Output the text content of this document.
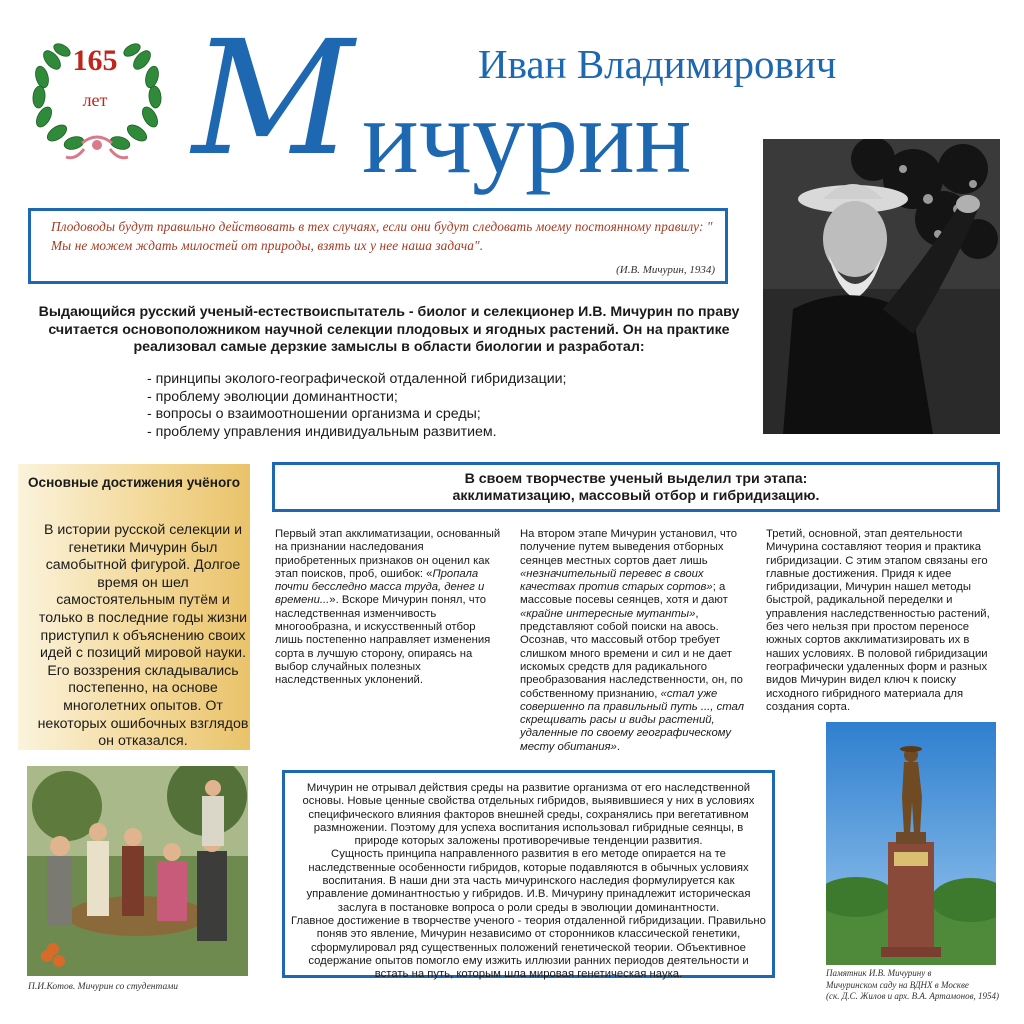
165
лет
Иван Владимирович
М ичурин
Плодоводы будут правильно действовать в тех случаях, если они будут следовать моему постоянному правилу: " Мы не можем ждать милостей от природы, взять их у нее наша задача".
(И.В. Мичурин, 1934)
Выдающийся русский ученый-естествоиспытатель - биолог и селекционер И.В. Мичурин по праву считается основоположником научной селекции плодовых и ягодных растений. Он на практике реализовал самые дерзкие замыслы в области биологии и разработал:
- принципы эколого-географической отдаленной гибридизации;
- проблему эволюции доминантности;
- вопросы о взаимоотношении организма и среды;
- проблему управления индивидуальным развитием.
Основные достижения учёного
В истории русской селекции и генетики Мичурин был самобытной фигурой. Долгое время он шел самостоятельным путём и только в последние годы жизни приступил к объяснению своих идей с позиций мировой науки. Его воззрения складывались постепенно, на основе многолетних опытов. От некоторых ошибочных взглядов он отказался.
В своем творчестве ученый выделил три этапа:
акклиматизацию, массовый отбор и гибридизацию.
Первый этап акклиматизации, основанный на признании наследования приобретенных признаков он оценил как этап поисков, проб, ошибок: «Пропала почти бесследно масса труда, денег и времени...». Вскоре Мичурин понял, что наследственная изменчивость многообразна, и искусственный отбор лишь постепенно направляет изменения сорта в лучшую сторону, опираясь на выбор случайных полезных наследственных уклонений.
На втором этапе Мичурин установил, что получение путем выведения отборных сеянцев местных сортов дает лишь «незначительный перевес в своих качествах против старых сортов»; а массовые посевы сеянцев, хотя и дают «крайне интересные мутанты», представляют собой поиски на авось. Осознав, что массовый отбор требует слишком много времени и сил и не дает искомых средств для радикального преобразования наследственности, он, по собственному признанию, «стал уже совершенно па правильный путь ..., стал скрещивать расы и виды растений, удаленные по своему географическому месту обитания».
Третий, основной, этап деятельности Мичурина составляют теория и практика гибридизации. С этим этапом связаны его главные достижения. Придя к идее гибридизации, Мичурин нашел методы быстрой, радикальной переделки и управления наследственностью растений, без чего нельзя при простом переносе южных сортов акклиматизировать их в наших условиях. В половой гибридизации географически удаленных форм и разных видов Мичурин видел ключ к поиску исходного гибридного материала для создания сорта.
П.И.Котов. Мичурин со студентами
Мичурин не отрывал действия среды на развитие организма от его наследственной основы. Новые ценные свойства отдельных гибридов, выявившиеся у них в условиях специфического влияния факторов внешней среды, сохранялись при вегетативном размножении. Поэтому для успеха воспитания использовал гибридные сеянцы, в природе которых заложены противоречивые тенденции развития.
Сущность принципа направленного развития в его методе опирается на те наследственные особенности гибридов, которые подавляются в обычных условиях воспитания. В наши дни эта часть мичуринского наследия формулируется как управление доминантностью у гибридов. И.В. Мичурину принадлежит историческая заслуга в постановке вопроса о роли среды в эволюции доминантности.
Главное достижение в творчестве ученого - теория отдаленной гибридизации. Правильно поняв это явление, Мичурин независимо от сторонников классической генетики, сформулировал ряд существенных положений генетической теории. Объективное содержание опытов помогло ему изжить иллюзии ранних периодов деятельности и встать на путь, которым шла мировая генетическая наука.	Памятник И.В. Мичурину в
Мичуринском саду на ВДНХ в Москве
(ск. Д.С. Жилов и арх. В.А. Артамонов, 1954)
